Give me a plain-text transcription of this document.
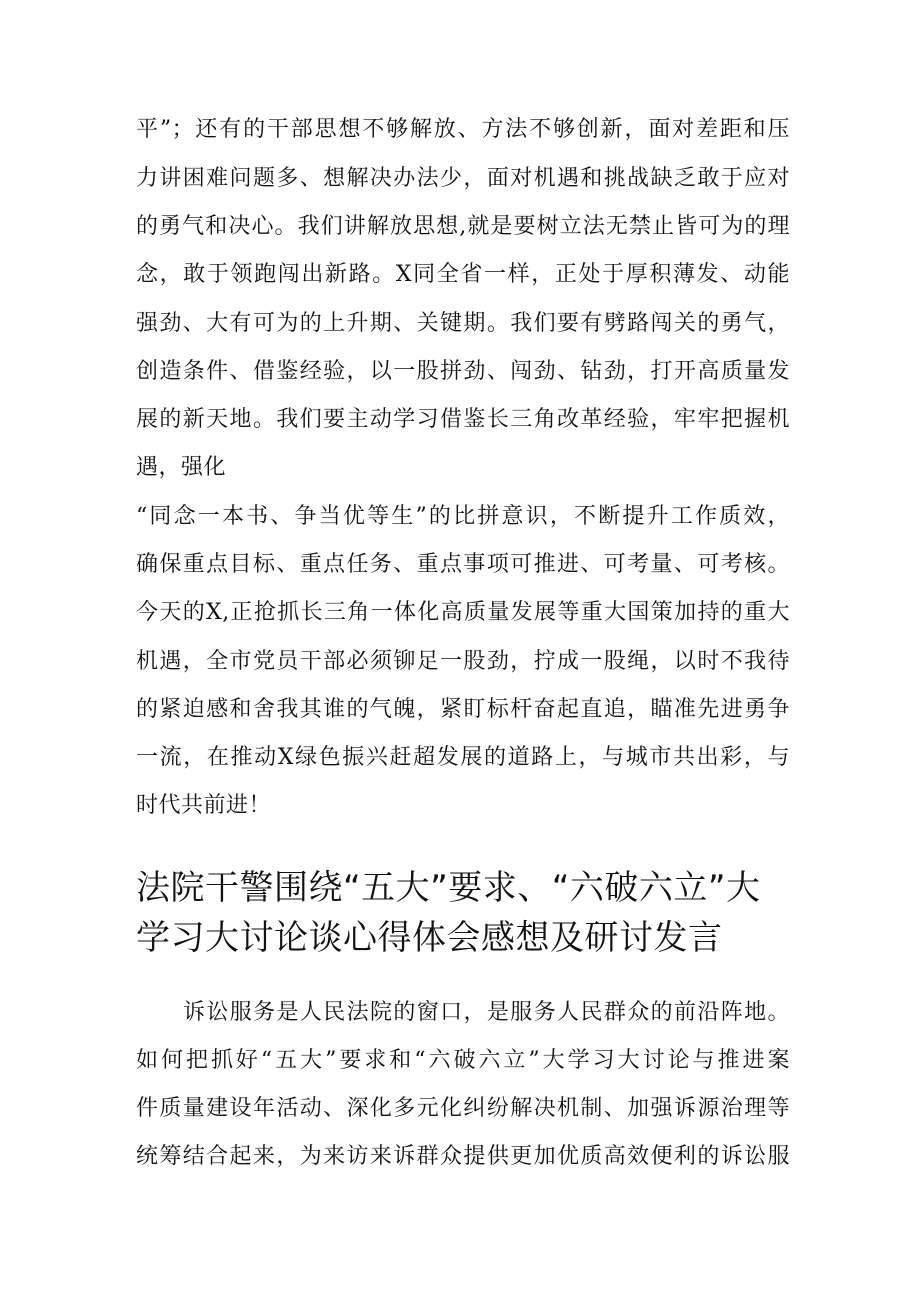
平”；还有的干部思想不够解放、方法不够创新，面对差距和压
力讲困难问题多、想解决办法少，面对机遇和挑战缺乏敢于应对
的勇气和决心。我们讲解放思想,就是要树立法无禁止皆可为的理
念，敢于领跑闯出新路。X同全省一样，正处于厚积薄发、动能
强劲、大有可为的上升期、关键期。我们要有劈路闯关的勇气，
创造条件、借鉴经验，以一股拼劲、闯劲、钻劲，打开高质量发
展的新天地。我们要主动学习借鉴长三角改革经验，牢牢把握机
遇，强化
“同念一本书、争当优等生”的比拼意识，不断提升工作质效，
确保重点目标、重点任务、重点事项可推进、可考量、可考核。
今天的X,正抢抓长三角一体化高质量发展等重大国策加持的重大
机遇，全市党员干部必须铆足一股劲，拧成一股绳，以时不我待
的紧迫感和舍我其谁的气魄，紧盯标杆奋起直追，瞄准先进勇争
一流，在推动X绿色振兴赶超发展的道路上，与城市共出彩，与
时代共前进！
法院干警围绕“五大”要求、“六破六立”大
学习大讨论谈心得体会感想及研讨发言
诉讼服务是人民法院的窗口，是服务人民群众的前沿阵地。
如何把抓好“五大”要求和“六破六立”大学习大讨论与推进案
件质量建设年活动、深化多元化纠纷解决机制、加强诉源治理等
统筹结合起来，为来访来诉群众提供更加优质高效便利的诉讼服
